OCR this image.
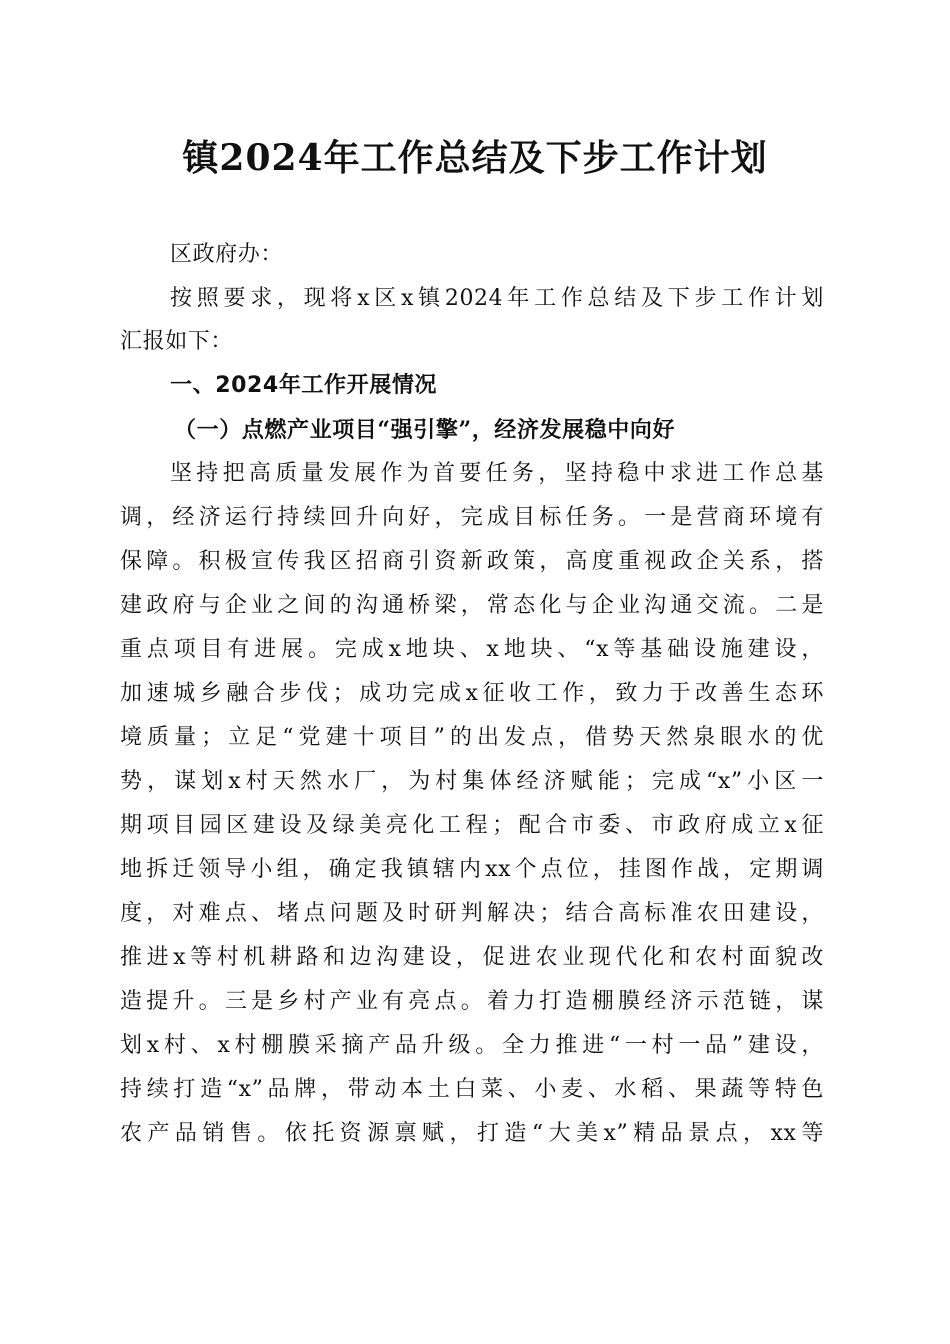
镇2024年工作总结及下步工作计划
区政府办：
按照要求，现将x区x镇2024年工作总结及下步工作计划
汇报如下：
一、2024年工作开展情况
（一）点燃产业项目“强引擎”，经济发展稳中向好
坚持把高质量发展作为首要任务，坚持稳中求进工作总基
调，经济运行持续回升向好，完成目标任务。一是营商环境有
保障。积极宣传我区招商引资新政策，高度重视政企关系，搭
建政府与企业之间的沟通桥梁，常态化与企业沟通交流。二是
重点项目有进展。完成x地块、x地块、“x等基础设施建设，
加速城乡融合步伐；成功完成x征收工作，致力于改善生态环
境质量；立足“党建十项目”的出发点，借势天然泉眼水的优
势，谋划x村天然水厂，为村集体经济赋能；完成“x”小区一
期项目园区建设及绿美亮化工程；配合市委、市政府成立x征
地拆迁领导小组，确定我镇辖内xx个点位，挂图作战，定期调
度，对难点、堵点问题及时研判解决；结合高标准农田建设，
推进x等村机耕路和边沟建设，促进农业现代化和农村面貌改
造提升。三是乡村产业有亮点。着力打造棚膜经济示范链，谋
划x村、x村棚膜采摘产品升级。全力推进“一村一品”建设，
持续打造“x”品牌，带动本土白菜、小麦、水稻、果蔬等特色
农产品销售。依托资源禀赋，打造“大美x”精品景点，xx等
